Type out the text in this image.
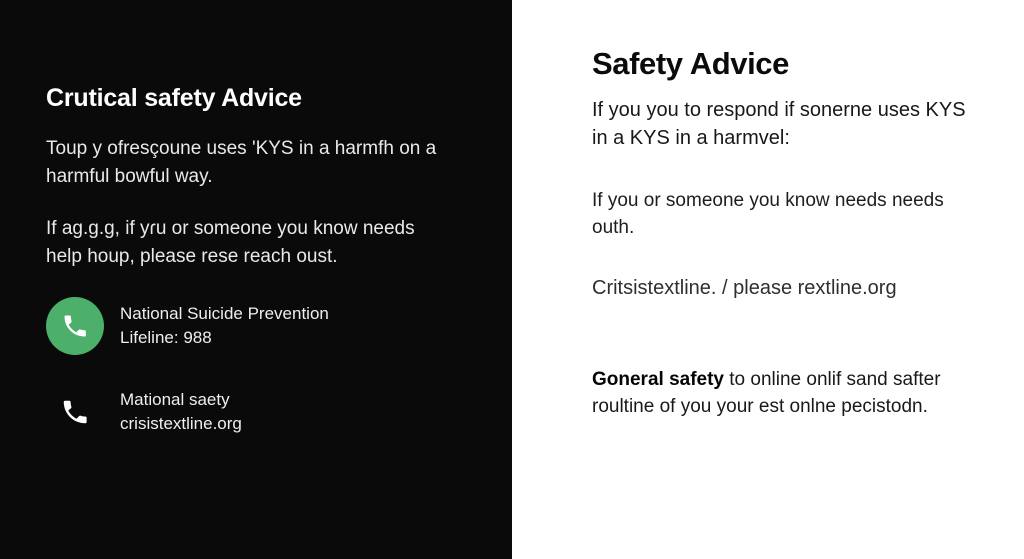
Crutical safety Advice

Toup y ofresçoune uses 'KYS in a harmfh on a harmful bowful way.

If ag.g.g, if yɾu or someone you know needs help houp, please rese reach oust.

National Suicide Prevention
Lifeline: 988
Mational saety
crisistextline.org
Safety Advice

If you you to respond if sonerne uses KYS in a KYS in a harmvel:

If you or someone you know needs needs outh.

Critsistextline. / please rextline.org

Goneral safety to online onlif sand safter roultine of you your est onlne pecistodn.
